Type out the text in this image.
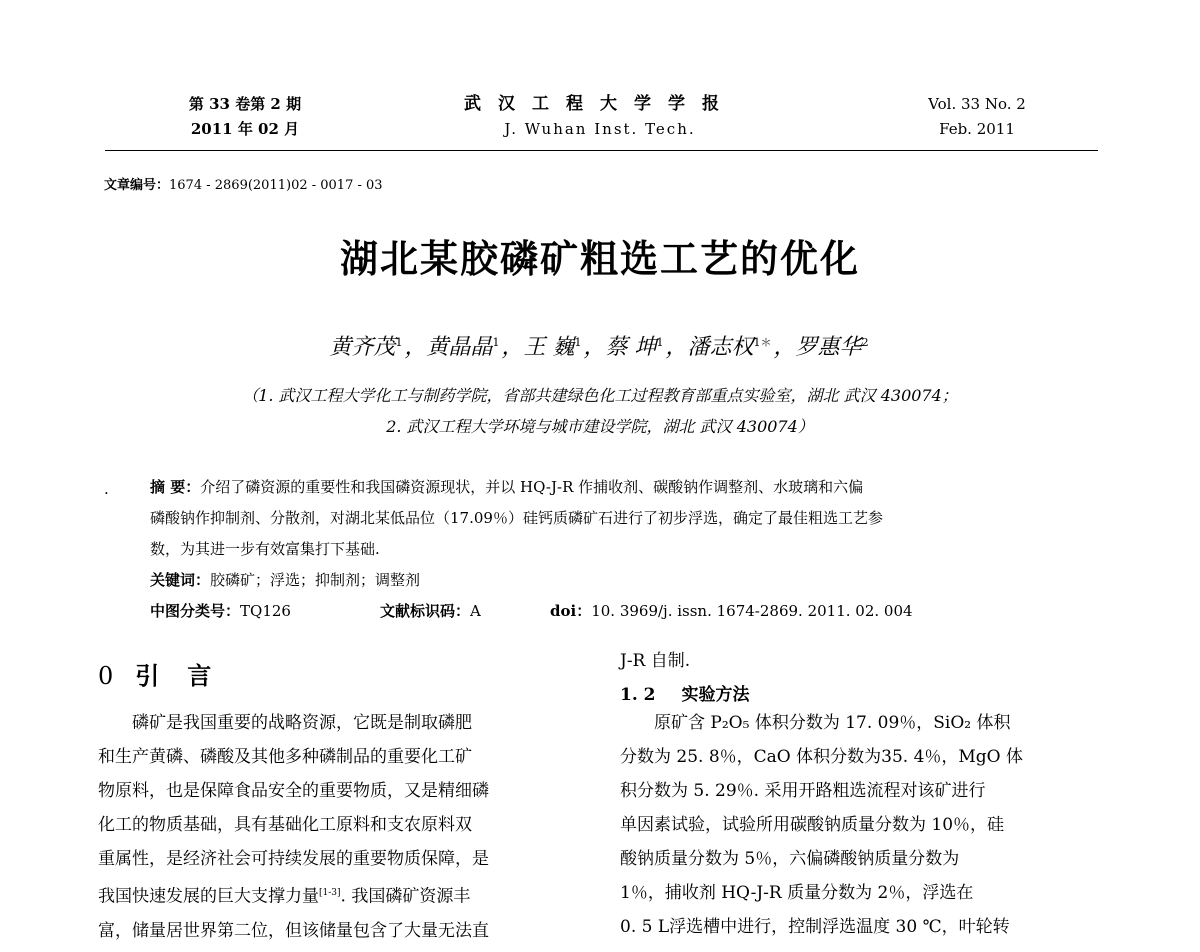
第 33 卷第 2 期
2011 年 02 月
武汉工程大学学报
J. Wuhan Inst. Tech.
Vol. 33 No. 2
Feb. 2011
文章编号：1674 - 2869(2011)02 - 0017 - 03
湖北某胶磷矿粗选工艺的优化
黄齐茂$^1$，黄晶晶$^1$，王 巍$^1$，蔡 坤$^1$，潘志权$^{1*}$，罗惠华$^2$
（1. 武汉工程大学化工与制药学院，省部共建绿色化工过程教育部重点实验室，湖北 武汉 430074；
2. 武汉工程大学环境与城市建设学院，湖北 武汉 430074）
.	摘 要：介绍了磷资源的重要性和我国磷资源现状，并以 HQ-J-R 作捕收剂、碳酸钠作调整剂、水玻璃和六偏
磷酸钠作抑制剂、分散剂，对湖北某低品位（17.09％）硅钙质磷矿石进行了初步浮选，确定了最佳粗选工艺参
数，为其进一步有效富集打下基础.
关键词：胶磷矿；浮选；抑制剂；调整剂
中图分类号：TQ126	文献标识码：A	doi：10. 3969/j. issn. 1674-2869. 2011. 02. 004
0 引言
磷矿是我国重要的战略资源，它既是制取磷肥
和生产黄磷、磷酸及其他多种磷制品的重要化工矿
物原料，也是保障食品安全的重要物质，又是精细磷
化工的物质基础，具有基础化工原料和支农原料双
重属性，是经济社会可持续发展的重要物质保障，是
我国快速发展的巨大支撑力量[1-3]. 我国磷矿资源丰
富，储量居世界第二位，但该储量包含了大量无法直
J-R 自制.
1. 2 实验方法
原矿含 P₂O₅ 体积分数为 17. 09％，SiO₂ 体积
分数为 25. 8％，CaO 体积分数为35. 4％，MgO 体
积分数为 5. 29％. 采用开路粗选流程对该矿进行
单因素试验，试验所用碳酸钠质量分数为 10％，硅
酸钠质量分数为 5％，六偏磷酸钠质量分数为
1％，捕收剂 HQ-J-R 质量分数为 2％，浮选在
0. 5 L浮选槽中进行，控制浮选温度 30 ℃，叶轮转
